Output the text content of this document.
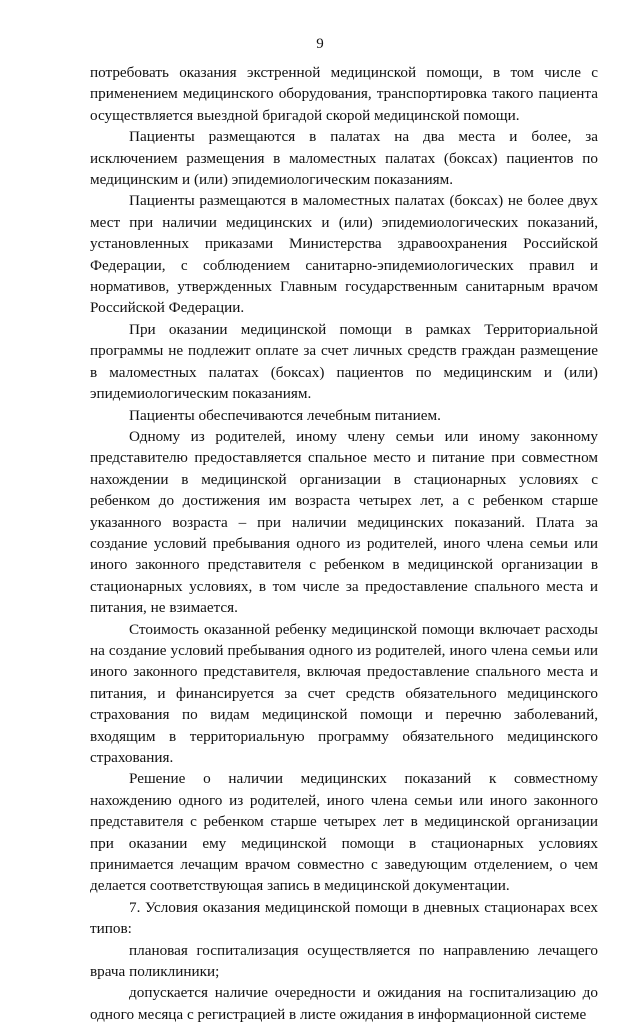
9

потребовать оказания экстренной медицинской помощи, в том числе с применением медицинского оборудования, транспортировка такого пациента осуществляется выездной бригадой скорой медицинской помощи.

Пациенты размещаются в палатах на два места и более, за исключением размещения в маломестных палатах (боксах) пациентов по медицинским и (или) эпидемиологическим показаниям.

Пациенты размещаются в маломестных палатах (боксах) не более двух мест при наличии медицинских и (или) эпидемиологических показаний, установленных приказами Министерства здравоохранения Российской Федерации, с соблюдением санитарно-эпидемиологических правил и нормативов, утвержденных Главным государственным санитарным врачом Российской Федерации.

При оказании медицинской помощи в рамках Территориальной программы не подлежит оплате за счет личных средств граждан размещение в маломестных палатах (боксах) пациентов по медицинским и (или) эпидемиологическим показаниям.

Пациенты обеспечиваются лечебным питанием.

Одному из родителей, иному члену семьи или иному законному представителю предоставляется спальное место и питание при совместном нахождении в медицинской организации в стационарных условиях с ребенком до достижения им возраста четырех лет, а с ребенком старше указанного возраста – при наличии медицинских показаний. Плата за создание условий пребывания одного из родителей, иного члена семьи или иного законного представителя с ребенком в медицинской организации в стационарных условиях, в том числе за предоставление спального места и питания, не взимается.

Стоимость оказанной ребенку медицинской помощи включает расходы на создание условий пребывания одного из родителей, иного члена семьи или иного законного представителя, включая предоставление спального места и питания, и финансируется за счет средств обязательного медицинского страхования по видам медицинской помощи и перечню заболеваний, входящим в территориальную программу обязательного медицинского страхования.

Решение о наличии медицинских показаний к совместному нахождению одного из родителей, иного члена семьи или иного законного представителя с ребенком старше четырех лет в медицинской организации при оказании ему медицинской помощи в стационарных условиях принимается лечащим врачом совместно с заведующим отделением, о чем делается соответствующая запись в медицинской документации.

7. Условия оказания медицинской помощи в дневных стационарах всех типов:

плановая госпитализация осуществляется по направлению лечащего врача поликлиники;

допускается наличие очередности и ожидания на госпитализацию до одного месяца с регистрацией в листе ожидания в информационной системе
